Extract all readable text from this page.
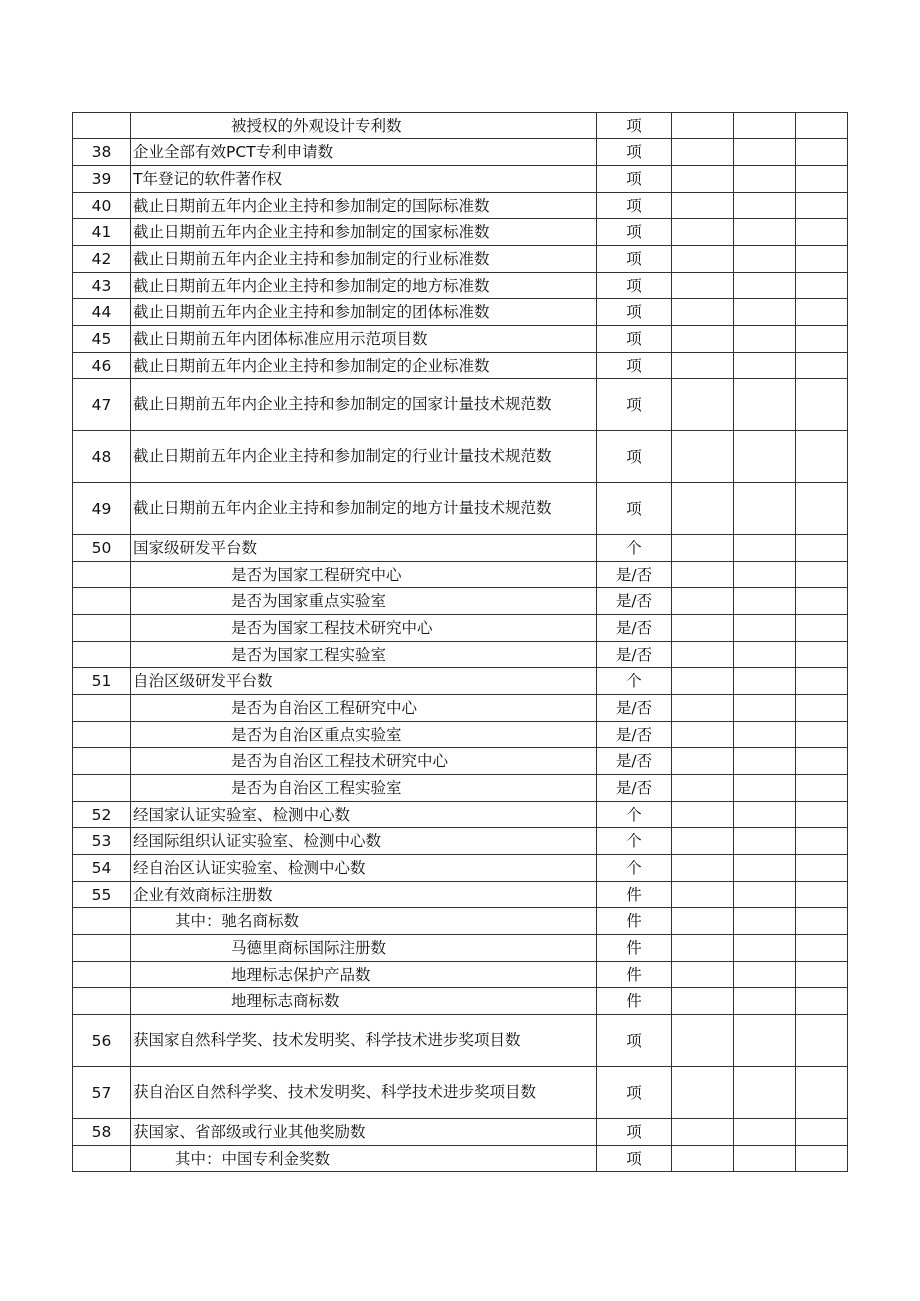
	被授权的外观设计专利数	项			
38	企业全部有效PCT专利申请数	项			
39	T年登记的软件著作权	项			
40	截止日期前五年内企业主持和参加制定的国际标准数	项			
41	截止日期前五年内企业主持和参加制定的国家标准数	项			
42	截止日期前五年内企业主持和参加制定的行业标准数	项			
43	截止日期前五年内企业主持和参加制定的地方标准数	项			
44	截止日期前五年内企业主持和参加制定的团体标准数	项			
45	截止日期前五年内团体标准应用示范项目数	项			
46	截止日期前五年内企业主持和参加制定的企业标准数	项			
47	截止日期前五年内企业主持和参加制定的国家计量技术规范数	项			
48	截止日期前五年内企业主持和参加制定的行业计量技术规范数	项			
49	截止日期前五年内企业主持和参加制定的地方计量技术规范数	项			
50	国家级研发平台数	个			
	是否为国家工程研究中心	是/否			
	是否为国家重点实验室	是/否			
	是否为国家工程技术研究中心	是/否			
	是否为国家工程实验室	是/否			
51	自治区级研发平台数	个			
	是否为自治区工程研究中心	是/否			
	是否为自治区重点实验室	是/否			
	是否为自治区工程技术研究中心	是/否			
	是否为自治区工程实验室	是/否			
52	经国家认证实验室、检测中心数	个			
53	经国际组织认证实验室、检测中心数	个			
54	经自治区认证实验室、检测中心数	个			
55	企业有效商标注册数	件			
	其中：驰名商标数	件			
	马德里商标国际注册数	件			
	地理标志保护产品数	件			
	地理标志商标数	件			
56	获国家自然科学奖、技术发明奖、科学技术进步奖项目数	项			
57	获自治区自然科学奖、技术发明奖、科学技术进步奖项目数	项			
58	获国家、省部级或行业其他奖励数	项			
	其中：中国专利金奖数	项			
